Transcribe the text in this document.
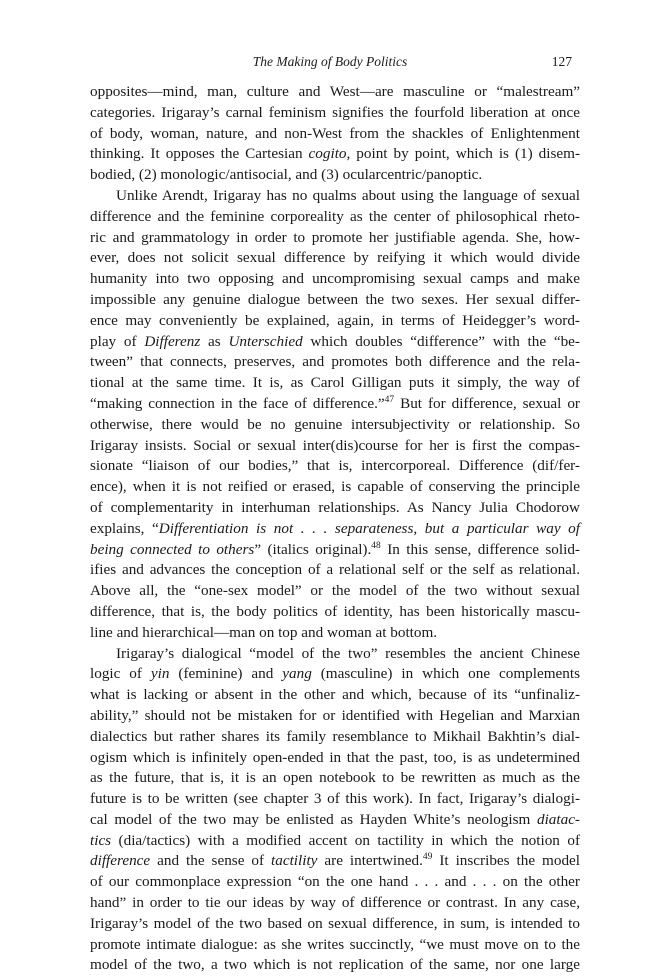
The Making of Body Politics	127
opposites—mind, man, culture and West—are masculine or “malestream”
categories. Irigaray’s carnal feminism signifies the fourfold liberation at once
of body, woman, nature, and non-West from the shackles of Enlightenment
thinking. It opposes the Cartesian cogito, point by point, which is (1) disem-
bodied, (2) monologic/antisocial, and (3) ocularcentric/panoptic.
Unlike Arendt, Irigaray has no qualms about using the language of sexual
difference and the feminine corporeality as the center of philosophical rheto-
ric and grammatology in order to promote her justifiable agenda. She, how-
ever, does not solicit sexual difference by reifying it which would divide
humanity into two opposing and uncompromising sexual camps and make
impossible any genuine dialogue between the two sexes. Her sexual differ-
ence may conveniently be explained, again, in terms of Heidegger’s word-
play of Differenz as Unterschied which doubles “difference” with the “be-
tween” that connects, preserves, and promotes both difference and the rela-
tional at the same time. It is, as Carol Gilligan puts it simply, the way of
“making connection in the face of difference.”$^{47}$ But for difference, sexual or
otherwise, there would be no genuine intersubjectivity or relationship. So
Irigaray insists. Social or sexual inter(dis)course for her is first the compas-
sionate “liaison of our bodies,” that is, intercorporeal. Difference (dif/fer-
ence), when it is not reified or erased, is capable of conserving the principle
of complementarity in interhuman relationships. As Nancy Julia Chodorow
explains, “Differentiation is not . . . separateness, but a particular way of
being connected to others” (italics original).$^{48}$ In this sense, difference solid-
ifies and advances the conception of a relational self or the self as relational.
Above all, the “one-sex model” or the model of the two without sexual
difference, that is, the body politics of identity, has been historically mascu-
line and hierarchical—man on top and woman at bottom.
Irigaray’s dialogical “model of the two” resembles the ancient Chinese
logic of yin (feminine) and yang (masculine) in which one complements
what is lacking or absent in the other and which, because of its “unfinaliz-
ability,” should not be mistaken for or identified with Hegelian and Marxian
dialectics but rather shares its family resemblance to Mikhail Bakhtin’s dial-
ogism which is infinitely open-ended in that the past, too, is as undetermined
as the future, that is, it is an open notebook to be rewritten as much as the
future is to be written (see chapter 3 of this work). In fact, Irigaray’s dialogi-
cal model of the two may be enlisted as Hayden White’s neologism diatac-
tics (dia/tactics) with a modified accent on tactility in which the notion of
difference and the sense of tactility are intertwined.$^{49}$ It inscribes the model
of our commonplace expression “on the one hand . . . and . . . on the other
hand” in order to tie our ideas by way of difference or contrast. In any case,
Irigaray’s model of the two based on sexual difference, in sum, is intended to
promote intimate dialogue: as she writes succinctly, “we must move on to the
model of the two, a two which is not replication of the same, nor one large
